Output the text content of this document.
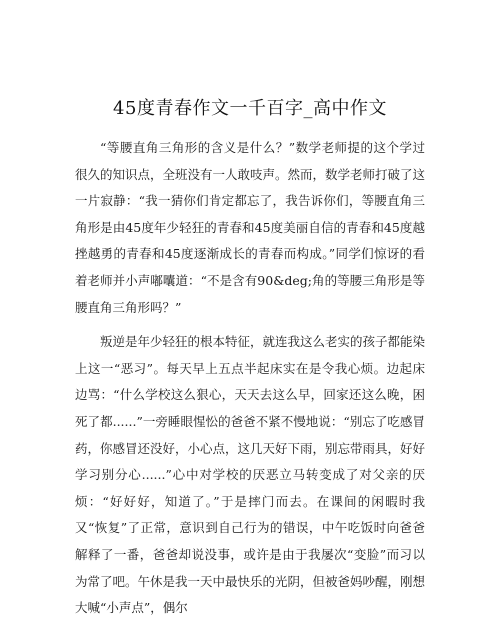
45度青春作文一千百字_高中作文

“等腰直角三角形的含义是什么？”数学老师提的这个学过很久的知识点，全班没有一人敢吱声。然而，数学老师打破了这一片寂静：“我一猜你们肯定都忘了，我告诉你们，等腰直角三角形是由45度年少轻狂的青春和45度美丽自信的青春和45度越挫越勇的青春和45度逐渐成长的青春而构成。”同学们惊讶的看着老师并小声嘟囔道：“不是含有90&deg;角的等腰三角形是等腰直角三角形吗？”

叛逆是年少轻狂的根本特征，就连我这么老实的孩子都能染上这一“恶习”。每天早上五点半起床实在是令我心烦。边起床边骂：“什么学校这么狠心，天天去这么早，回家还这么晚，困死了都......”一旁睡眼惺忪的爸爸不紧不慢地说：“别忘了吃感冒药，你感冒还没好，小心点，这几天好下雨，别忘带雨具，好好学习别分心......”心中对学校的厌恶立马转变成了对父亲的厌烦：“好好好，知道了。”于是摔门而去。在课间的闲暇时我又“恢复”了正常，意识到自己行为的错误，中午吃饭时向爸爸解释了一番，爸爸却说没事，或许是由于我屡次“变脸”而习以为常了吧。午休是我一天中最快乐的光阴，但被爸妈吵醒，刚想大喊“小声点”，偶尔
